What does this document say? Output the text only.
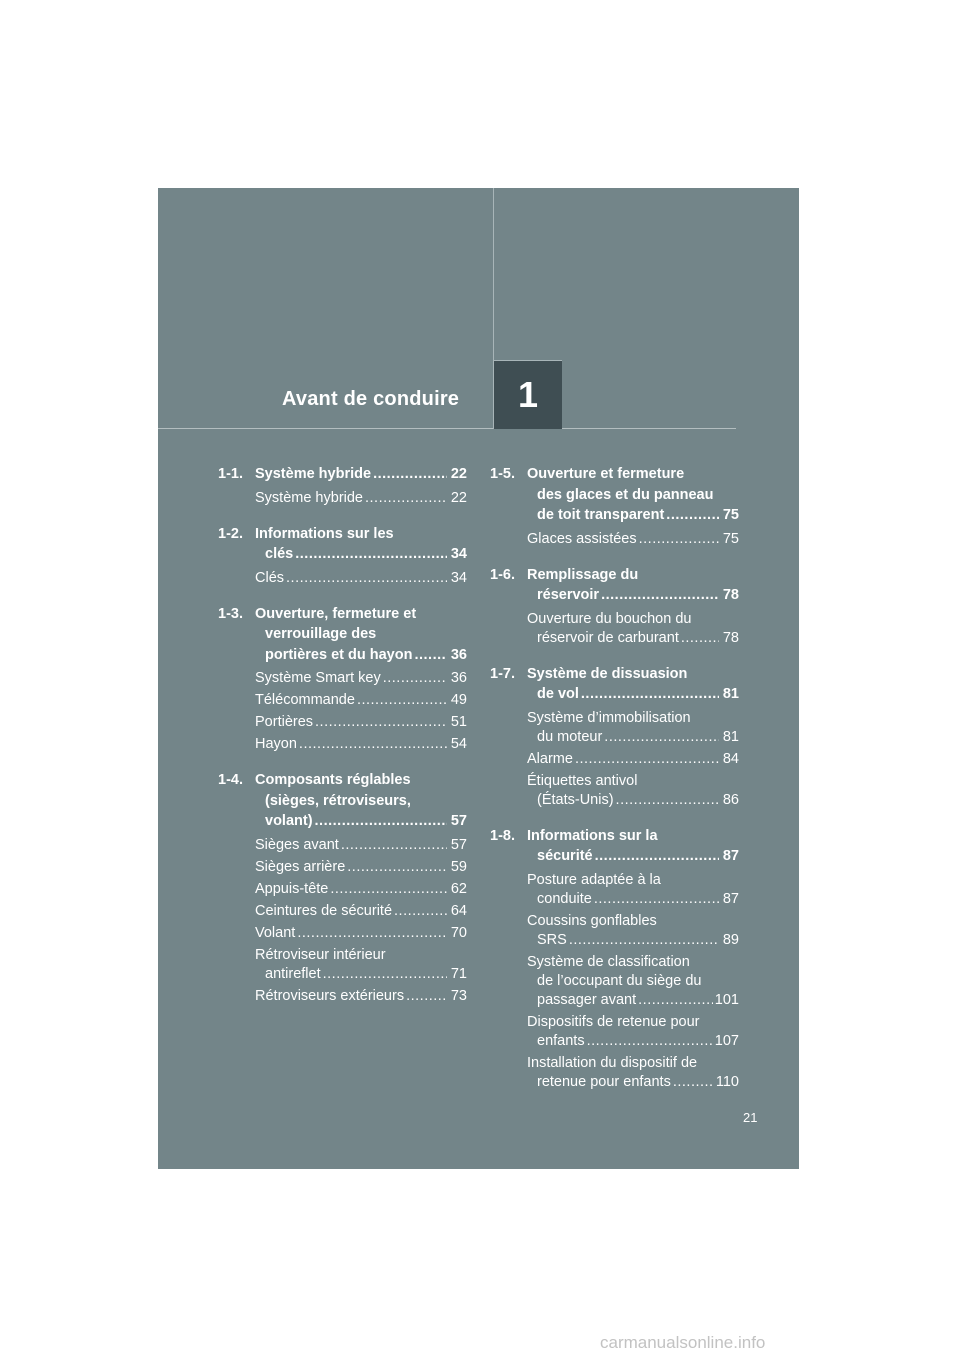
Avant de conduire 1
1-1. Système hybride .....	22
Système hybride .....	22
1-2. Informations sur les
clés .....	34
Clés .....	34
1-3. Ouverture, fermeture et
verrouillage des
portières et du hayon .....	36
Système Smart key .....	36
Télécommande .....	49
Portières .....	51
Hayon .....	54
1-4. Composants réglables
(sièges, rétroviseurs,
volant) .....	57
Sièges avant .....	57
Sièges arrière .....	59
Appuis-tête .....	62
Ceintures de sécurité .....	64
Volant .....	70
Rétroviseur intérieur
antireflet .....	71
Rétroviseurs extérieurs .....	73
1-5. Ouverture et fermeture
des glaces et du panneau
de toit transparent .....	75
Glaces assistées .....	75
1-6. Remplissage du
réservoir .....	78
Ouverture du bouchon du
réservoir de carburant .....	78
1-7. Système de dissuasion
de vol .....	81
Système d’immobilisation
du moteur .....	81
Alarme .....	84
Étiquettes antivol
(États-Unis) .....	86
1-8. Informations sur la
sécurité .....	87
Posture adaptée à la
conduite .....	87
Coussins gonflables
SRS .....	89
Système de classification
de l’occupant du siège du
passager avant .....	101
Dispositifs de retenue pour
enfants .....	107
Installation du dispositif de
retenue pour enfants .....	110
21
carmanualsonline.info
